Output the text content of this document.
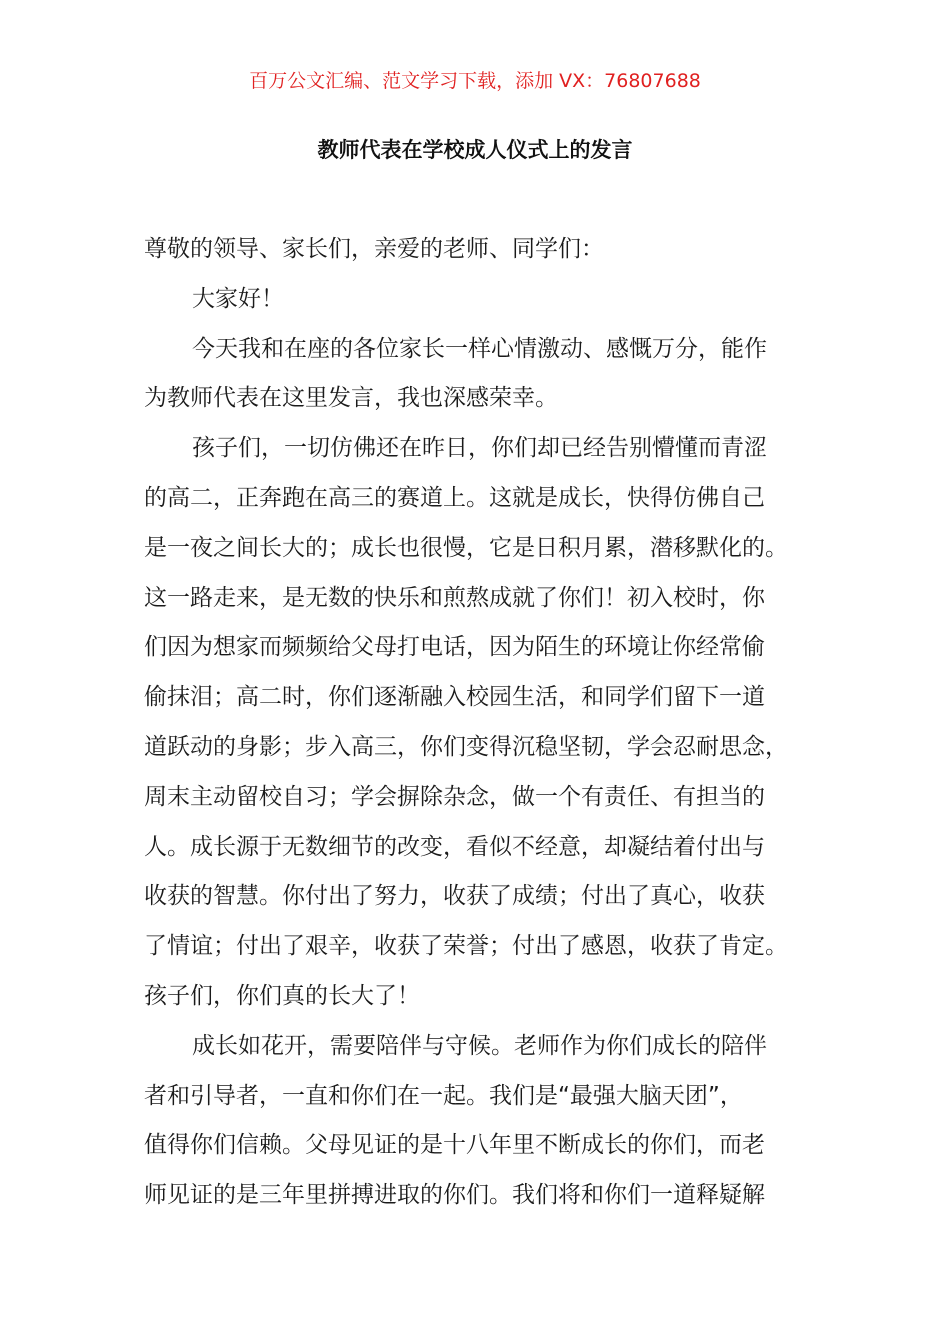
百万公文汇编、范文学习下载，添加 VX：76807688
教师代表在学校成人仪式上的发言
尊敬的领导、家长们，亲爱的老师、同学们：
大家好！
今天我和在座的各位家长一样心情激动、感慨万分，能作
为教师代表在这里发言，我也深感荣幸。
孩子们，一切仿佛还在昨日，你们却已经告别懵懂而青涩
的高二，正奔跑在高三的赛道上。这就是成长，快得仿佛自己
是一夜之间长大的；成长也很慢，它是日积月累，潜移默化的。
这一路走来，是无数的快乐和煎熬成就了你们！初入校时，你
们因为想家而频频给父母打电话，因为陌生的环境让你经常偷
偷抹泪；高二时，你们逐渐融入校园生活，和同学们留下一道
道跃动的身影；步入高三，你们变得沉稳坚韧，学会忍耐思念，
周末主动留校自习；学会摒除杂念，做一个有责任、有担当的
人。成长源于无数细节的改变，看似不经意，却凝结着付出与
收获的智慧。你付出了努力，收获了成绩；付出了真心，收获
了情谊；付出了艰辛，收获了荣誉；付出了感恩，收获了肯定。
孩子们，你们真的长大了！
成长如花开，需要陪伴与守候。老师作为你们成长的陪伴
者和引导者，一直和你们在一起。我们是“最强大脑天团”，
值得你们信赖。父母见证的是十八年里不断成长的你们，而老
师见证的是三年里拼搏进取的你们。我们将和你们一道释疑解
